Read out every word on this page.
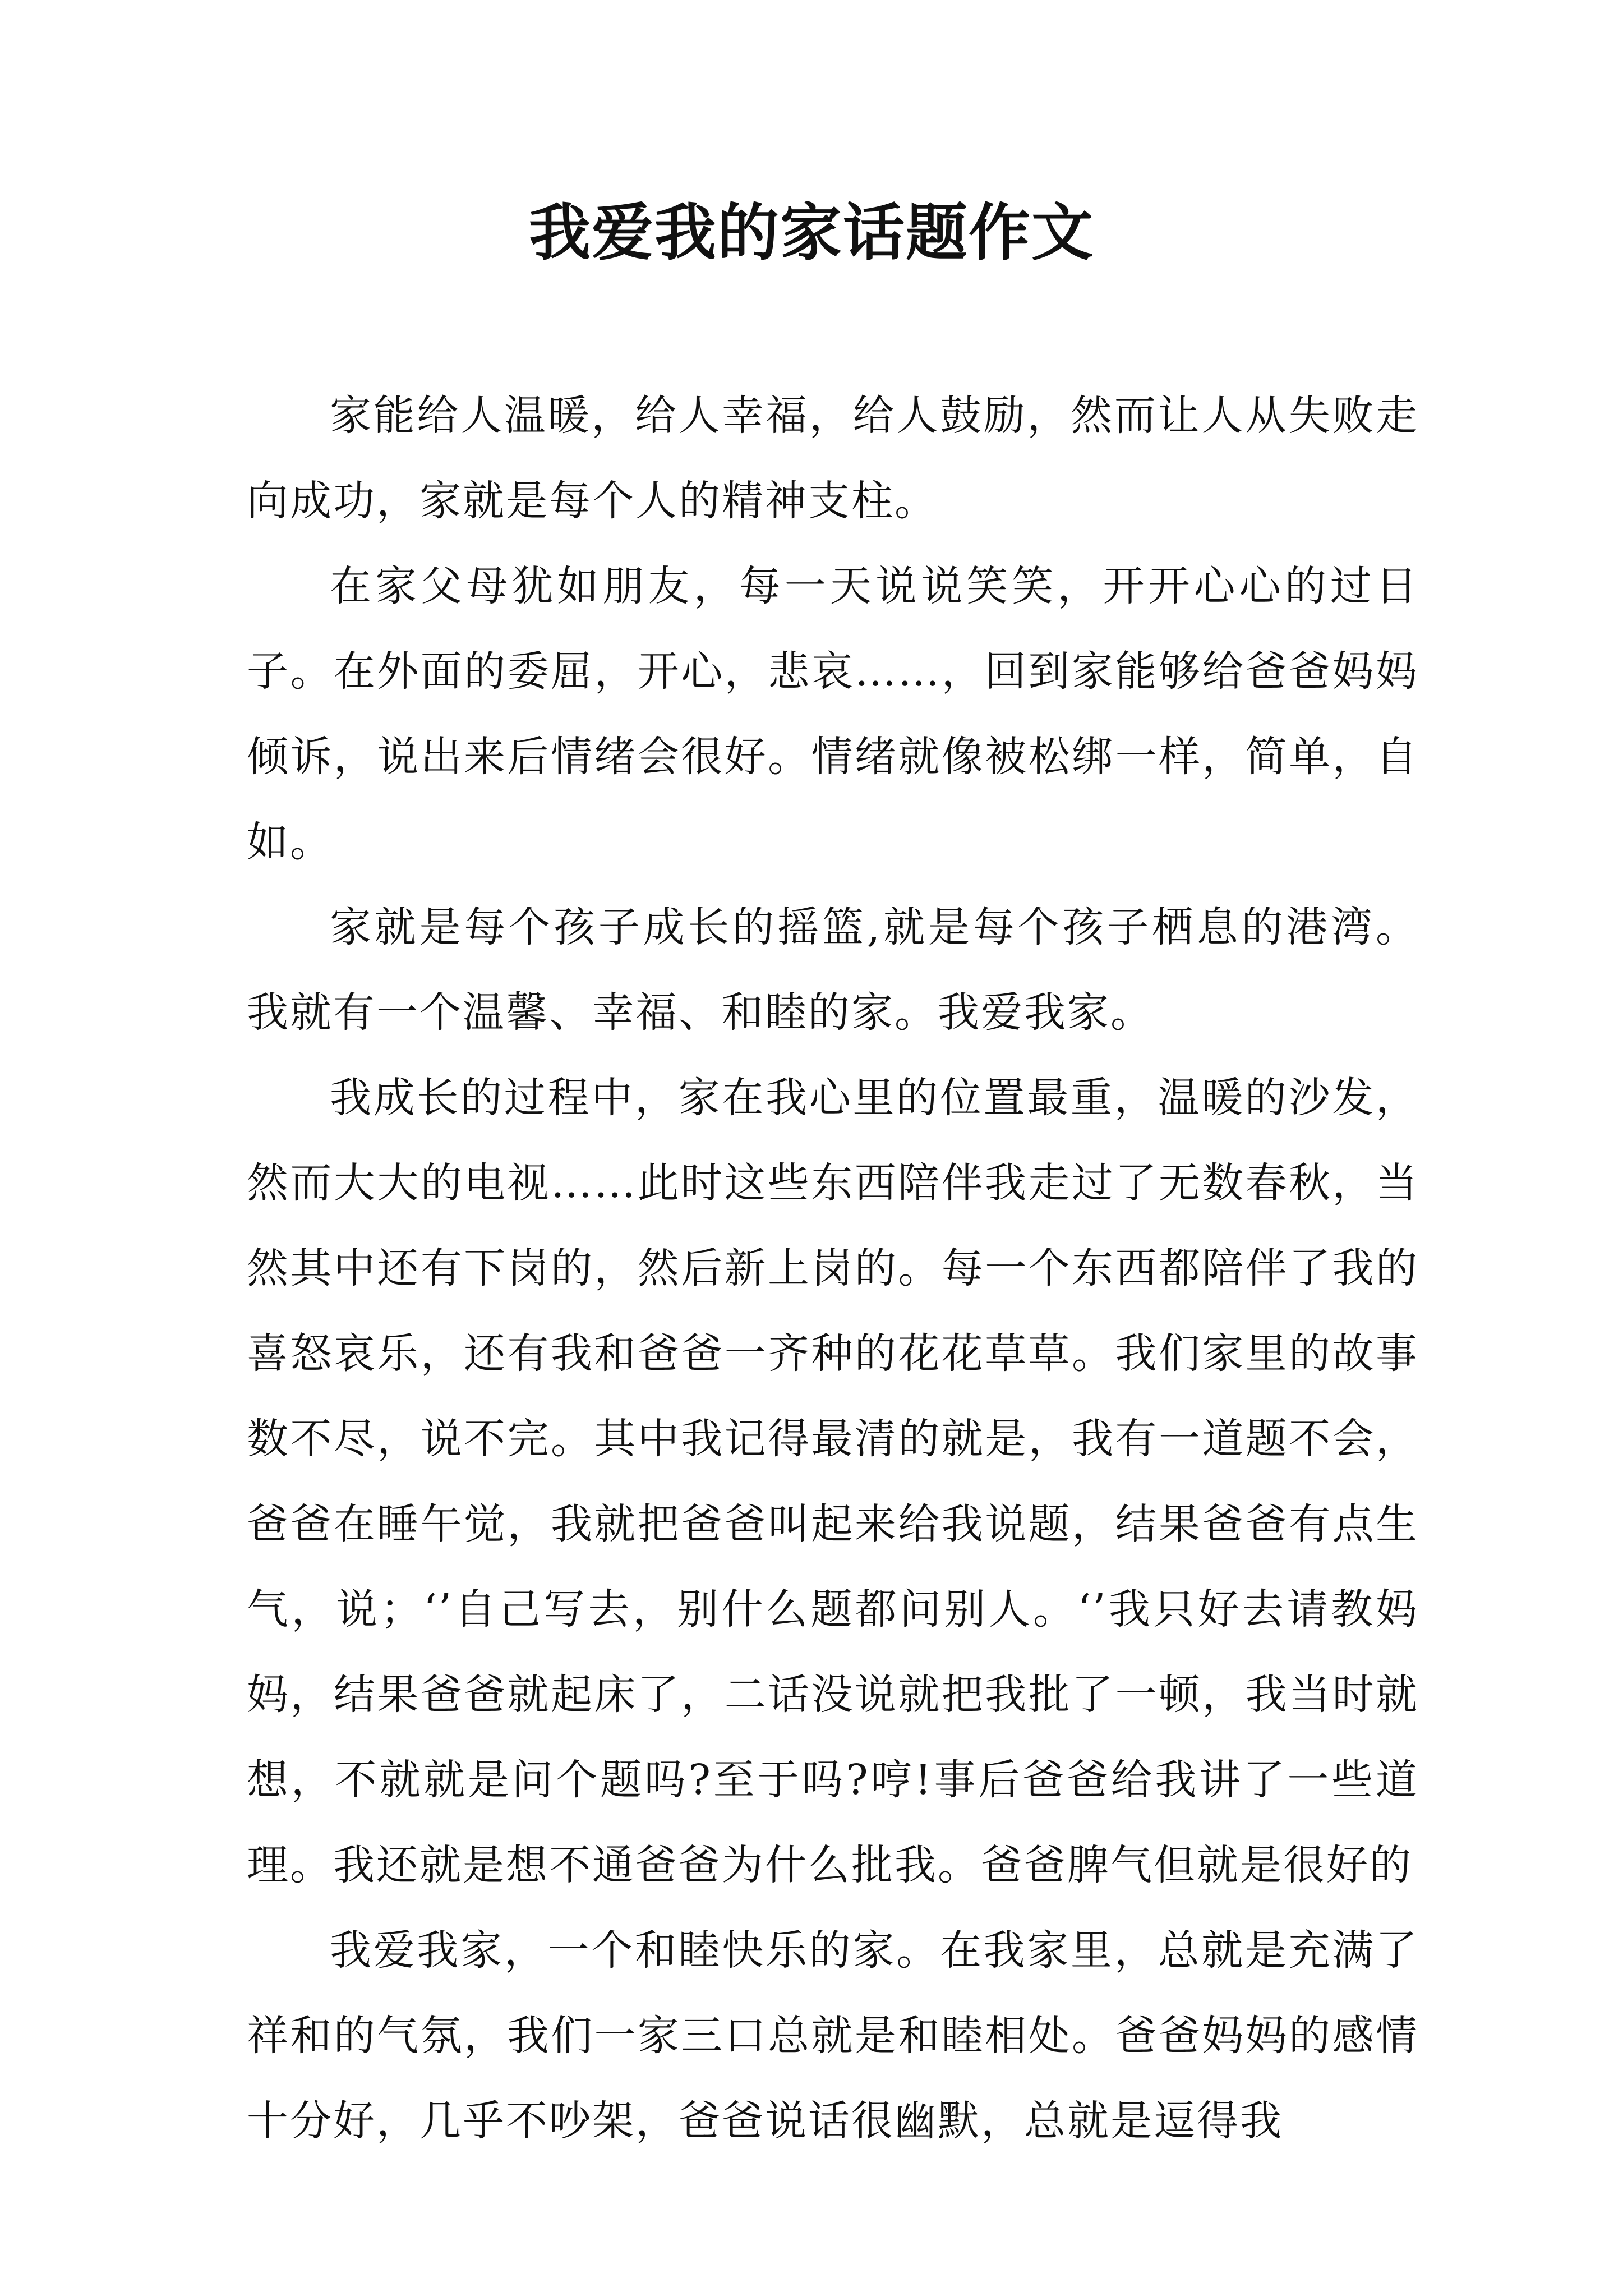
我爱我的家话题作文

家能给人温暖，给人幸福，给人鼓励，然而让人从失败走向成功，家就是每个人的精神支柱。

在家父母犹如朋友，每一天说说笑笑，开开心心的过日子。在外面的委屈，开心，悲哀……，回到家能够给爸爸妈妈倾诉，说出来后情绪会很好。情绪就像被松绑一样，简单，自如。

家就是每个孩子成长的摇篮,就是每个孩子栖息的港湾。我就有一个温馨、幸福、和睦的家。我爱我家。

我成长的过程中，家在我心里的位置最重，温暖的沙发，然而大大的电视……此时这些东西陪伴我走过了无数春秋，当然其中还有下岗的，然后新上岗的。每一个东西都陪伴了我的喜怒哀乐，还有我和爸爸一齐种的花花草草。我们家里的故事数不尽，说不完。其中我记得最清的就是，我有一道题不会，爸爸在睡午觉，我就把爸爸叫起来给我说题，结果爸爸有点生气，说；‘’自己写去，别什么题都问别人。‘’我只好去请教妈妈，结果爸爸就起床了，二话没说就把我批了一顿，我当时就想，不就就是问个题吗?至于吗?哼!事后爸爸给我讲了一些道理。我还就是想不通爸爸为什么批我。爸爸脾气但就是很好的

我爱我家，一个和睦快乐的家。在我家里，总就是充满了祥和的气氛，我们一家三口总就是和睦相处。爸爸妈妈的感情十分好，几乎不吵架，爸爸说话很幽默，总就是逗得我
